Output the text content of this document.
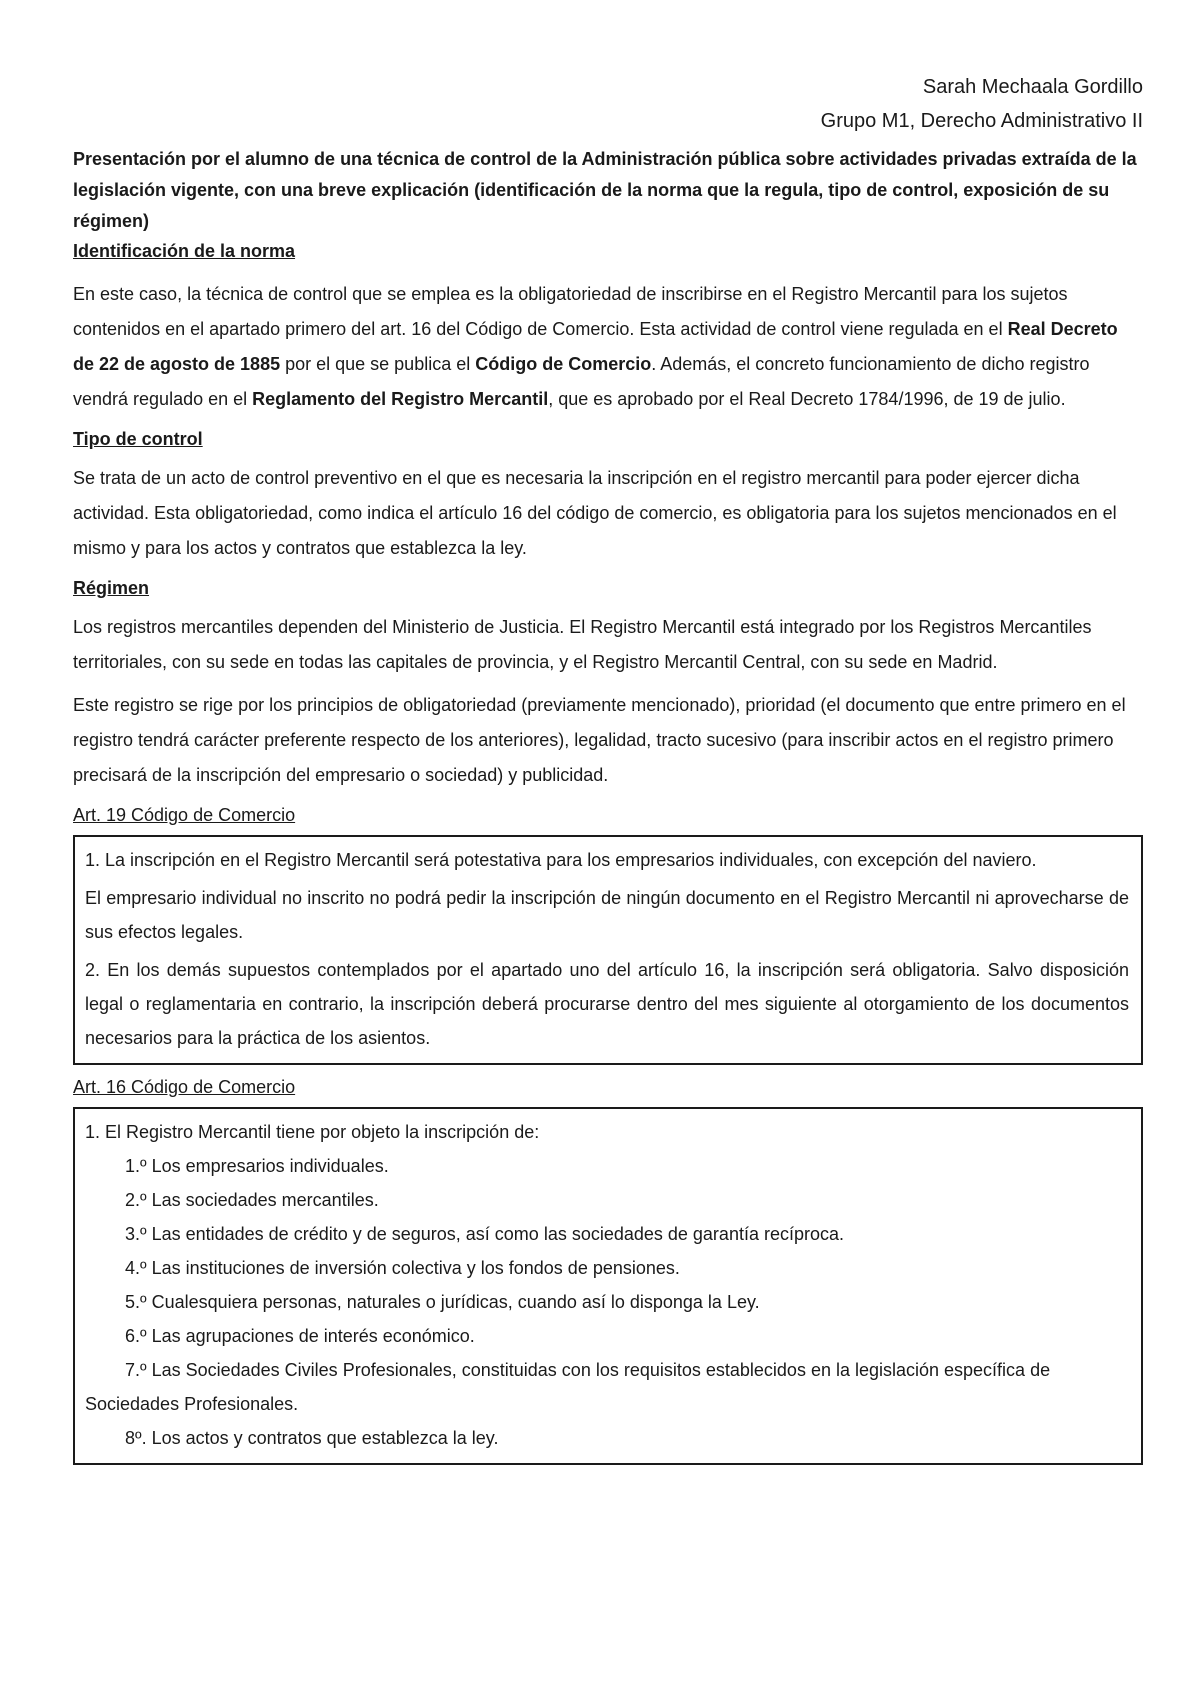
Sarah Mechaala Gordillo

Grupo M1, Derecho Administrativo II

Presentación por el alumno de una técnica de control de la Administración pública sobre actividades privadas extraída de la legislación vigente, con una breve explicación (identificación de la norma que la regula, tipo de control, exposición de su régimen)

Identificación de la norma

En este caso, la técnica de control que se emplea es la obligatoriedad de inscribirse en el Registro Mercantil para los sujetos contenidos en el apartado primero del art. 16 del Código de Comercio. Esta actividad de control viene regulada en el Real Decreto de 22 de agosto de 1885 por el que se publica el Código de Comercio. Además, el concreto funcionamiento de dicho registro vendrá regulado en el Reglamento del Registro Mercantil, que es aprobado por el Real Decreto 1784/1996, de 19 de julio.

Tipo de control

Se trata de un acto de control preventivo en el que es necesaria la inscripción en el registro mercantil para poder ejercer dicha actividad. Esta obligatoriedad, como indica el artículo 16 del código de comercio, es obligatoria para los sujetos mencionados en el mismo y para los actos y contratos que establezca la ley.

Régimen

Los registros mercantiles dependen del Ministerio de Justicia. El Registro Mercantil está integrado por los Registros Mercantiles territoriales, con su sede en todas las capitales de provincia, y el Registro Mercantil Central, con su sede en Madrid.

Este registro se rige por los principios de obligatoriedad (previamente mencionado), prioridad (el documento que entre primero en el registro tendrá carácter preferente respecto de los anteriores), legalidad, tracto sucesivo (para inscribir actos en el registro primero precisará de la inscripción del empresario o sociedad) y publicidad.

Art. 19 Código de Comercio

1. La inscripción en el Registro Mercantil será potestativa para los empresarios individuales, con excepción del naviero.

El empresario individual no inscrito no podrá pedir la inscripción de ningún documento en el Registro Mercantil ni aprovecharse de sus efectos legales.

2. En los demás supuestos contemplados por el apartado uno del artículo 16, la inscripción será obligatoria. Salvo disposición legal o reglamentaria en contrario, la inscripción deberá procurarse dentro del mes siguiente al otorgamiento de los documentos necesarios para la práctica de los asientos.

Art. 16 Código de Comercio

1. El Registro Mercantil tiene por objeto la inscripción de:

1.º Los empresarios individuales.

2.º Las sociedades mercantiles.

3.º Las entidades de crédito y de seguros, así como las sociedades de garantía recíproca.

4.º Las instituciones de inversión colectiva y los fondos de pensiones.

5.º Cualesquiera personas, naturales o jurídicas, cuando así lo disponga la Ley.

6.º Las agrupaciones de interés económico.

7.º Las Sociedades Civiles Profesionales, constituidas con los requisitos establecidos en la legislación específica de

Sociedades Profesionales.

8º. Los actos y contratos que establezca la ley.
